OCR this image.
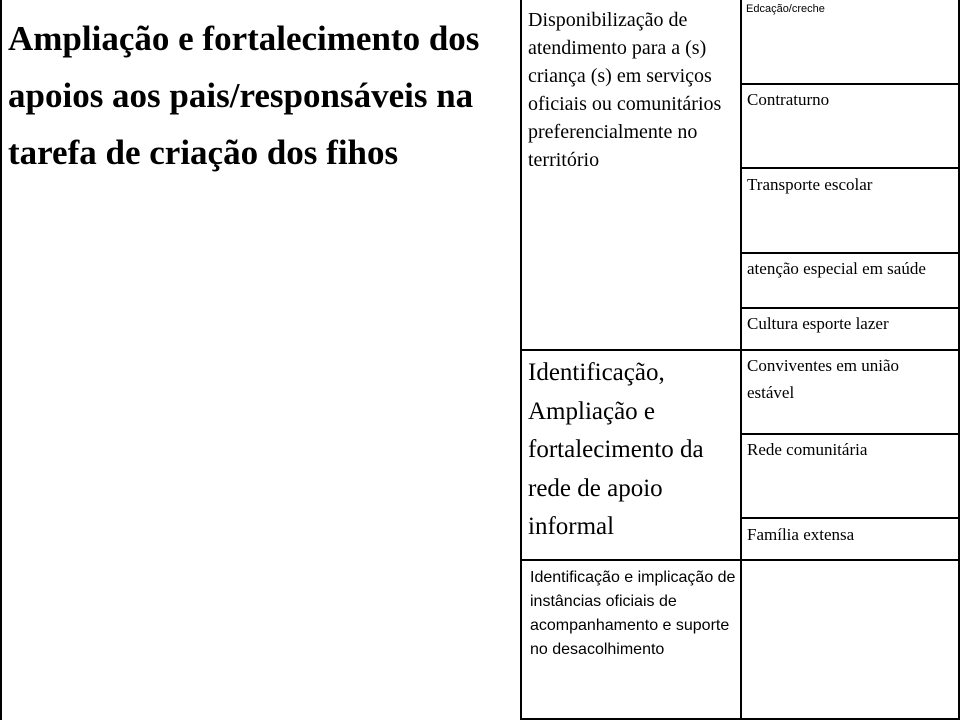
Ampliação e fortalecimento dos apoios aos pais/responsáveis na tarefa de criação dos fihos
Disponibilização de atendimento para a (s) criança (s) em serviços oficiais ou comunitários preferencialmente no território
Edcação/creche
Contraturno
Transporte escolar
atenção especial em saúde
Cultura esporte lazer
Identificação, Ampliação e fortalecimento da rede de apoio informal
Conviventes em união estável
Rede comunitária
Família extensa
Identificação e implicação de instâncias oficiais de acompanhamento e suporte no desacolhimento
